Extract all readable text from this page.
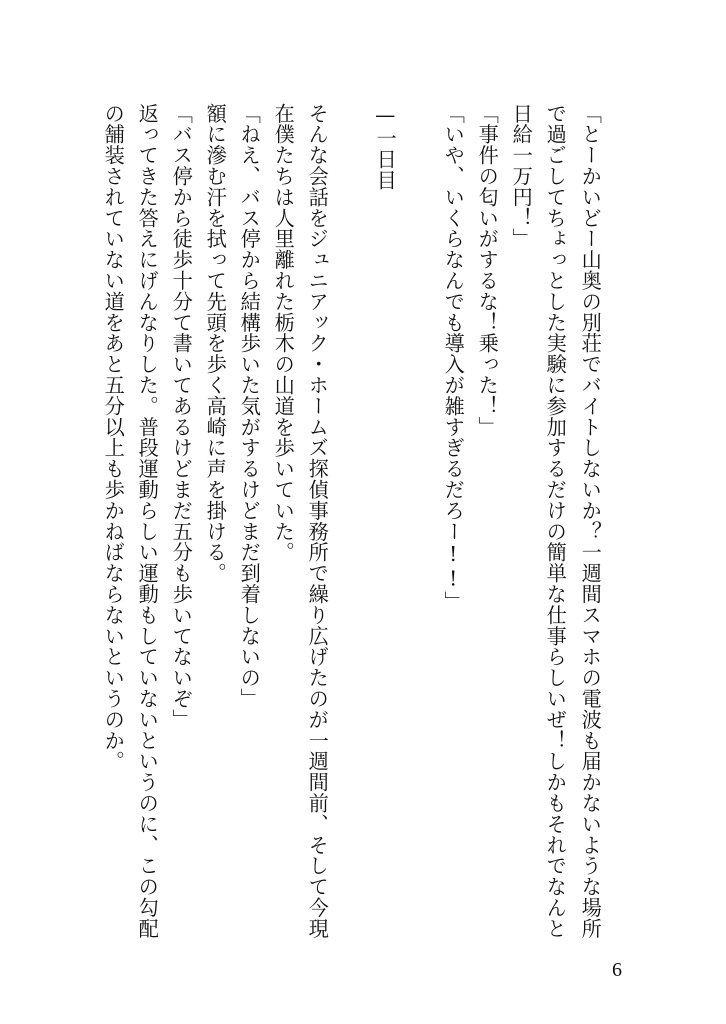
「とーかいどー山奥の別荘でバイトしないか？一週間スマホの電波も届かないような場所
で過ごしてちょっとした実験に参加するだけの簡単な仕事らしいぜ！しかもそれでなんと
日給一万円！」
「事件の匂いがするな！乗った！」
「いや、いくらなんでも導入が雑すぎるだろー!!」
—一日目
そんな会話をジュニアック・ホームズ探偵事務所で繰り広げたのが一週間前、そして今現
在僕たちは人里離れた栃木の山道を歩いていた。
「ねえ、バス停から結構歩いた気がするけどまだ到着しないの」
額に滲む汗を拭って先頭を歩く高崎に声を掛ける。
「バス停から徒歩十分て書いてあるけどまだ五分も歩いてないぞ」
返ってきた答えにげんなりした。普段運動らしい運動もしていないというのに、この勾配
の舗装されていない道をあと五分以上も歩かねばならないというのか。
6
